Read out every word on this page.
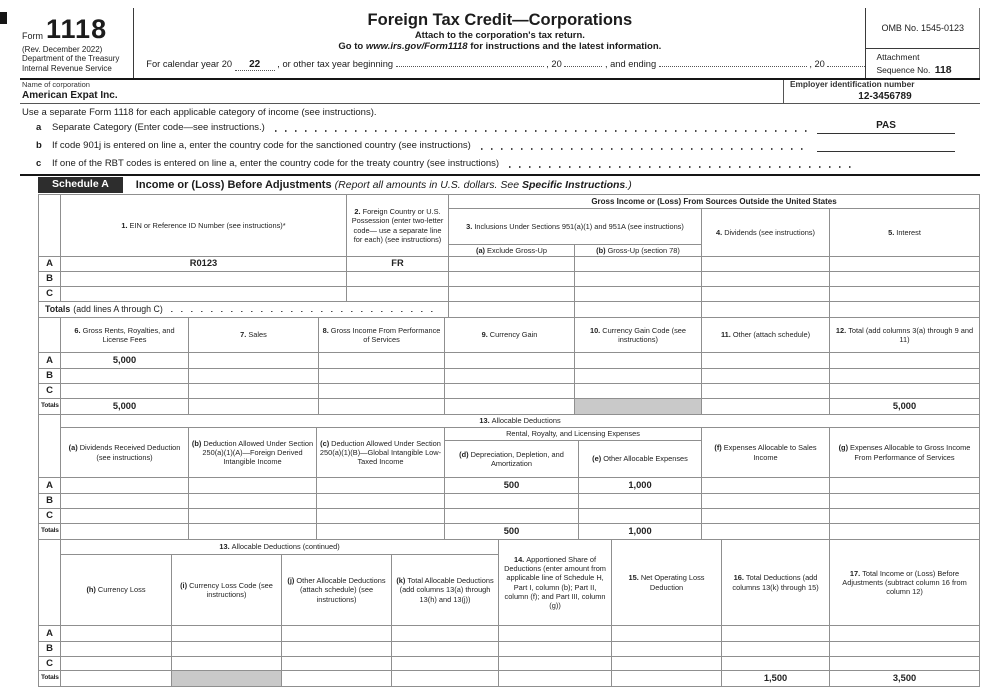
Form 1118
(Rev. December 2022)
Department of the Treasury
Internal Revenue Service
Foreign Tax Credit—Corporations
Attach to the corporation's tax return.
Go to www.irs.gov/Form1118 for instructions and the latest information.
For calendar year 20 22 , or other tax year beginning	, 20	, and ending	, 20
OMB No. 1545-0123
Attachment
Sequence No. 118
Name of corporation
American Expat Inc.
Employer identification number
12-3456789
Use a separate Form 1118 for each applicable category of income (see instructions).
a	Separate Category (Enter code—see instructions.)	PAS
b	If code 901j is entered on line a, enter the country code for the sanctioned country (see instructions)
c	If one of the RBT codes is entered on line a, enter the country code for the treaty country (see instructions)
Schedule A	Income or (Loss) Before Adjustments (Report all amounts in U.S. dollars. See Specific Instructions.)
	1. EIN or Reference ID Number (see instructions)*	2. Foreign Country or U.S. Possession (enter two-letter code— use a separate line for each) (see instructions)	Gross Income or (Loss) From Sources Outside the United States			
			3. Inclusions Under Sections 951(a)(1) and 951A (see instructions)		4. Dividends (see instructions)	5. Interest
			(a) Exclude Gross-Up	(b) Gross-Up (section 78)		
A	R0123	FR				
B						
C						

Totals (add lines A through C)						

	6. Gross Rents, Royalties, and License Fees	7. Sales	8. Gross Income From Performance of Services	9. Currency Gain	10. Currency Gain Code (see instructions)	11. Other (attach schedule)	12. Total (add columns 3(a) through 9 and 11)
A	5,000						
B							
C							
Totals	5,000						5,000
	13. Allocable Deductions						
	(a) Dividends Received Deduction (see instructions)	(b) Deduction Allowed Under Section 250(a)(1)(A)—Foreign Derived Intangible Income	(c) Deduction Allowed Under Section 250(a)(1)(B)—Global Intangible Low-Taxed Income	Rental, Royalty, and Licensing Expenses		(f) Expenses Allocable to Sales Income	(g) Expenses Allocable to Gross Income From Performance of Services
				(d) Depreciation, Depletion, and Amortization	(e) Other Allocable Expenses		
A				500	1,000		
B							
C							
Totals				500	1,000		
	13. Allocable Deductions (continued)				14. Apportioned Share of Deductions (enter amount from applicable line of Schedule H, Part I, column (b); Part II, column (f); and Part III, column (g))	15. Net Operating Loss Deduction	16. Total Deductions (add columns 13(k) through 15)	17. Total Income or (Loss) Before Adjustments (subtract column 16 from column 12)
	(h) Currency Loss	(i) Currency Loss Code (see instructions)	(j) Other Allocable Deductions (attach schedule) (see instructions)	(k) Total Allocable Deductions (add columns 13(a) through 13(h) and 13(j))				
A								
B								
C								
Totals							1,500	3,500
